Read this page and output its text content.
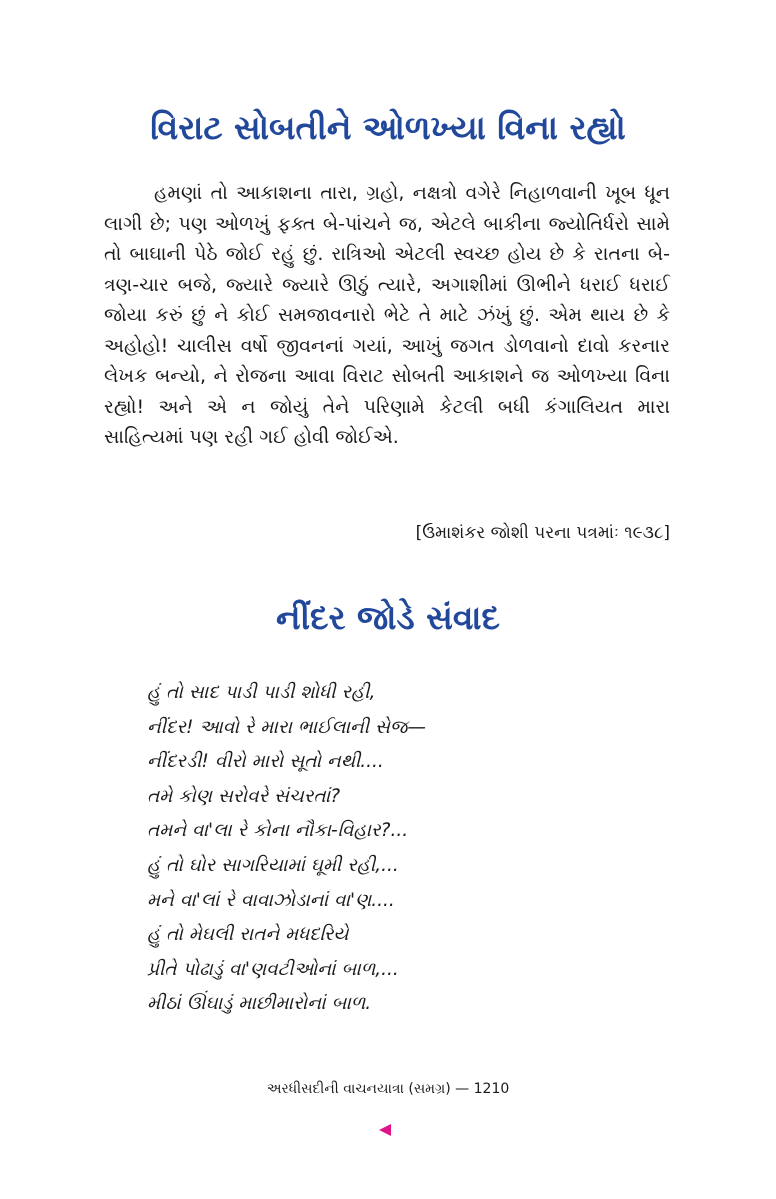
વિરાટ સોબતીને ઓળખ્યા વિના રહ્યો

હમણાં તો આકાશના તારા, ગ્રહો, નક્ષત્રો વગેરે નિહાળવાની ખૂબ ધૂન લાગી છે; પણ ઓળખું ફક્ત બે-પાંચને જ, એટલે બાકીના જ્યોતિર્ધરો સામે તો બાઘાની પેઠે જોઈ રહું છું. રાત્રિઓ એટલી સ્વચ્છ હોય છે કે રાતના બે-ત્રણ-ચાર બજે, જ્યારે જ્યારે ઊઠું ત્યારે, અગાશીમાં ઊભીને ધરાઈ ધરાઈ જોયા કરું છું ને કોઈ સમજાવનારો ભેટે તે માટે ઝંખું છું. એમ થાય છે કે અહોહો! ચાલીસ વર્ષો જીવનનાં ગયાં, આખું જગત ડોળવાનો દાવો કરનાર લેખક બન્યો, ને રોજના આવા વિરાટ સોબતી આકાશને જ ઓળખ્યા વિના રહ્યો! અને એ ન જોયું તેને પરિણામે કેટલી બધી કંગાલિયત મારા સાહિત્યમાં પણ રહી ગઈ હોવી જોઈએ.

[ઉમાશંકર જોશી પરના પત્રમાંઃ ૧૯૩૮]

નીંદર જોડે સંવાદ
હું તો સાદ પાડી પાડી શોધી રહી,
નીંદર! આવો રે મારા ભાઈલાની સેજ—
નીંદરડી! વીરો મારો સૂતો નથી....
તમે કોણ સરોવરે સંચરતાં?
તમને વા'લા રે કોના નૌકા-વિહાર?...
હું તો ઘોર સાગરિયામાં ઘૂમી રહી,...
મને વા'લાં રે વાવાઝોડાનાં વા'ણ....
હું તો મેઘલી રાતને મધદરિયે
પ્રીતે પોઢાડું વા'ણવટીઓનાં બાળ,...
મીઠાં ઊંઘાડું માછીમારોનાં બાળ.

અરધીસદીની વાચનયાત્રા (સમગ્ર) — 1210
